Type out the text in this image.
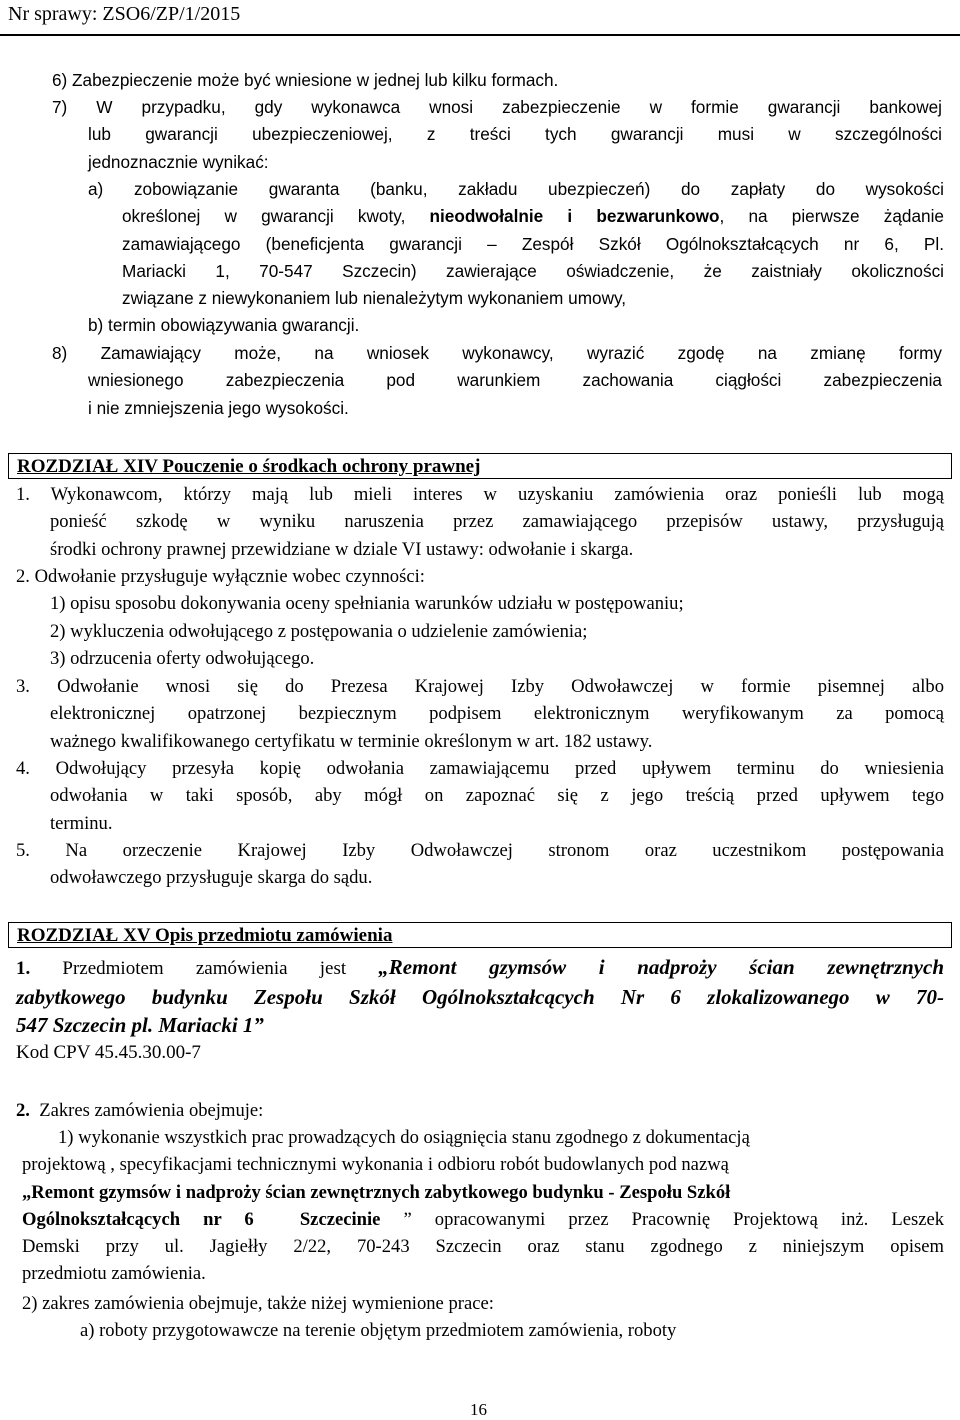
Nr sprawy: ZSO6/ZP/1/2015
6) Zabezpieczenie może być wniesione w jednej lub kilku formach.
7) W przypadku, gdy wykonawca wnosi zabezpieczenie w formie gwarancji bankowej
lub gwarancji ubezpieczeniowej, z treści tych gwarancji musi w szczególności
jednoznacznie wynikać:
a) zobowiązanie gwaranta (banku, zakładu ubezpieczeń) do zapłaty do wysokości
określonej w gwarancji kwoty, nieodwołalnie i bezwarunkowo, na pierwsze żądanie
zamawiającego (beneficjenta gwarancji – Zespół Szkół Ogólnokształcących nr 6, Pl.
Mariacki 1, 70-547 Szczecin) zawierające oświadczenie, że zaistniały okoliczności
związane z niewykonaniem lub nienależytym wykonaniem umowy,
b) termin obowiązywania gwarancji.
8) Zamawiający może, na wniosek wykonawcy, wyrazić zgodę na zmianę formy
wniesionego zabezpieczenia pod warunkiem zachowania ciągłości zabezpieczenia
i nie zmniejszenia jego wysokości.
ROZDZIAŁ XIV Pouczenie o środkach ochrony prawnej
1. Wykonawcom, którzy mają lub mieli interes w uzyskaniu zamówienia oraz ponieśli lub mogą
ponieść szkodę w wyniku naruszenia przez zamawiającego przepisów ustawy, przysługują
środki ochrony prawnej przewidziane w dziale VI ustawy: odwołanie i skarga.
2. Odwołanie przysługuje wyłącznie wobec czynności:
1) opisu sposobu dokonywania oceny spełniania warunków udziału w postępowaniu;
2) wykluczenia odwołującego z postępowania o udzielenie zamówienia;
3) odrzucenia oferty odwołującego.
3. Odwołanie wnosi się do Prezesa Krajowej Izby Odwoławczej w formie pisemnej albo
elektronicznej opatrzonej bezpiecznym podpisem elektronicznym weryfikowanym za pomocą
ważnego kwalifikowanego certyfikatu w terminie określonym w art. 182 ustawy.
4. Odwołujący przesyła kopię odwołania zamawiającemu przed upływem terminu do wniesienia
odwołania w taki sposób, aby mógł on zapoznać się z jego treścią przed upływem tego
terminu.
5. Na orzeczenie Krajowej Izby Odwoławczej stronom oraz uczestnikom postępowania
odwoławczego przysługuje skarga do sądu.
ROZDZIAŁ XV Opis przedmiotu zamówienia
1. Przedmiotem zamówienia jest „Remont gzymsów i nadproży ścian zewnętrznych
zabytkowego budynku Zespołu Szkół Ogólnokształcących Nr 6 zlokalizowanego w 70-
547 Szczecin pl. Mariacki 1”
Kod CPV 45.45.30.00-7
2.  Zakres zamówienia obejmuje:
1) wykonanie wszystkich prac prowadzących do osiągnięcia stanu zgodnego z dokumentacją
projektową , specyfikacjami technicznymi wykonania i odbioru robót budowlanych pod nazwą
„Remont gzymsów i nadproży ścian zewnętrznych zabytkowego budynku - Zespołu Szkół
Ogólnokształcących nr 6  Szczecinie ” opracowanymi przez Pracownię Projektową inż. Leszek
Demski przy ul. Jagiełły 2/22, 70-243 Szczecin oraz stanu zgodnego z niniejszym opisem
przedmiotu zamówienia.
2) zakres zamówienia obejmuje, także niżej wymienione prace:
a) roboty przygotowawcze na terenie objętym przedmiotem zamówienia, roboty
16
